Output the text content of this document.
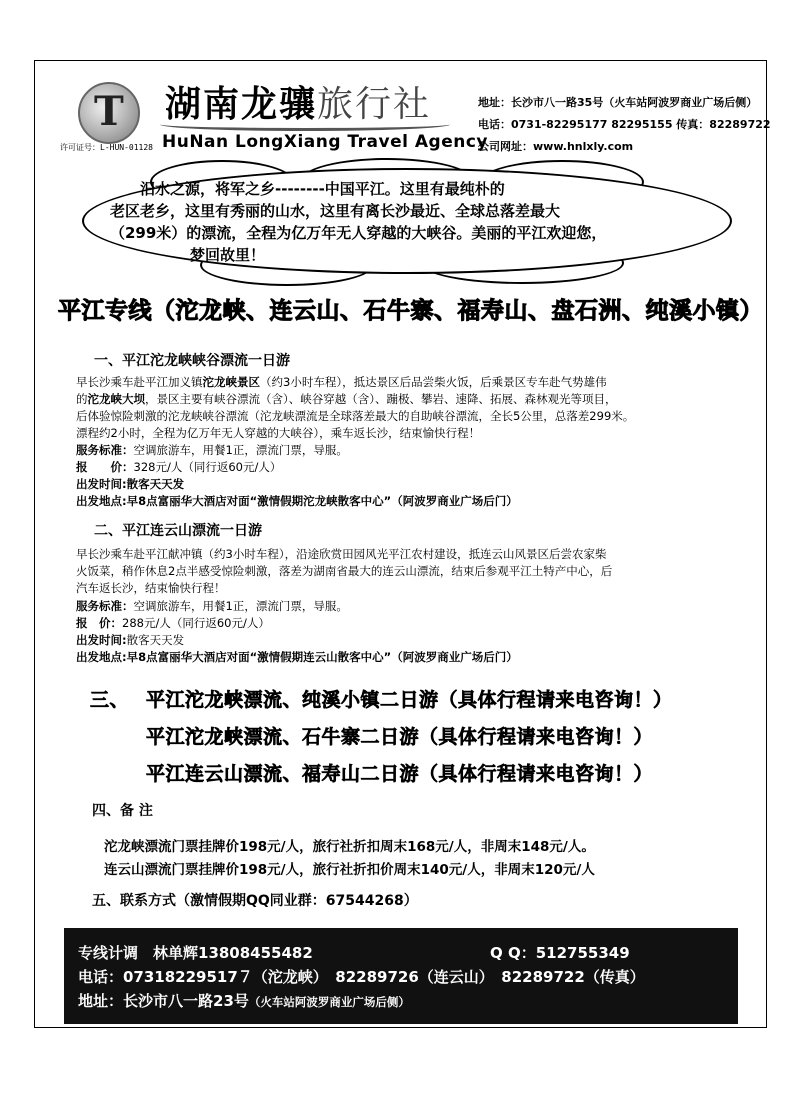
T
许可证号：L-HUN-01128
湖南龙骧旅行社
HuNan LongXiang Travel Agency
地址：长沙市八一路35号（火车站阿波罗商业广场后侧）
电话：0731-82295177 82295155 传真：82289722
公司网址：www.hnlxly.com
汨水之源，将军之乡--------中国平江。这里有最纯朴的
老区老乡，这里有秀丽的山水，这里有离长沙最近、全球总落差最大
（299米）的漂流，全程为亿万年无人穿越的大峡谷。美丽的平江欢迎您，
梦回故里！
平江专线（沱龙峡、连云山、石牛寨、福寿山、盘石洲、纯溪小镇）
一、平江沱龙峡峡谷漂流一日游
早长沙乘车赴平江加义镇沱龙峡景区（约3小时车程），抵达景区后品尝柴火饭，后乘景区专车赴气势雄伟
的沱龙峡大坝，景区主要有峡谷漂流（含）、峡谷穿越（含）、蹦极、攀岩、速降、拓展、森林观光等项目，
后体验惊险刺激的沱龙峡峡谷漂流（沱龙峡漂流是全球落差最大的自助峡谷漂流，全长5公里，总落差299米。
漂程约2小时，全程为亿万年无人穿越的大峡谷），乘车返长沙，结束愉快行程！
服务标准：空调旅游车，用餐1正，漂流门票，导服。
报　　价：328元/人（同行返60元/人）
出发时间:散客天天发
出发地点:早8点富丽华大酒店对面“激情假期沱龙峡散客中心”（阿波罗商业广场后门）
二、平江连云山漂流一日游
早长沙乘车赴平江献冲镇（约3小时车程），沿途欣赏田园风光平江农村建设，抵连云山风景区后尝农家柴
火饭菜，稍作休息2点半感受惊险刺激，落差为湖南省最大的连云山漂流，结束后参观平江土特产中心，后
汽车返长沙，结束愉快行程！
服务标准：空调旅游车，用餐1正，漂流门票，导服。
报　价：288元/人（同行返60元/人）
出发时间:散客天天发
出发地点:早8点富丽华大酒店对面“激情假期连云山散客中心”（阿波罗商业广场后门）
三、 平江沱龙峡漂流、纯溪小镇二日游（具体行程请来电咨询！）
平江沱龙峡漂流、石牛寨二日游（具体行程请来电咨询！）
平江连云山漂流、福寿山二日游（具体行程请来电咨询！）
四、备 注
沱龙峡漂流门票挂牌价198元/人，旅行社折扣周末168元/人，非周末148元/人。
连云山漂流门票挂牌价198元/人，旅行社折扣价周末140元/人，非周末120元/人
五、联系方式（激情假期QQ同业群：67544268）
专线计调　林单辉13808455482	Q Q：512755349
电话：07318229517７（沱龙峡）　82289726（连云山）　82289722（传真）
地址：长沙市八一路23号（火车站阿波罗商业广场后侧）
